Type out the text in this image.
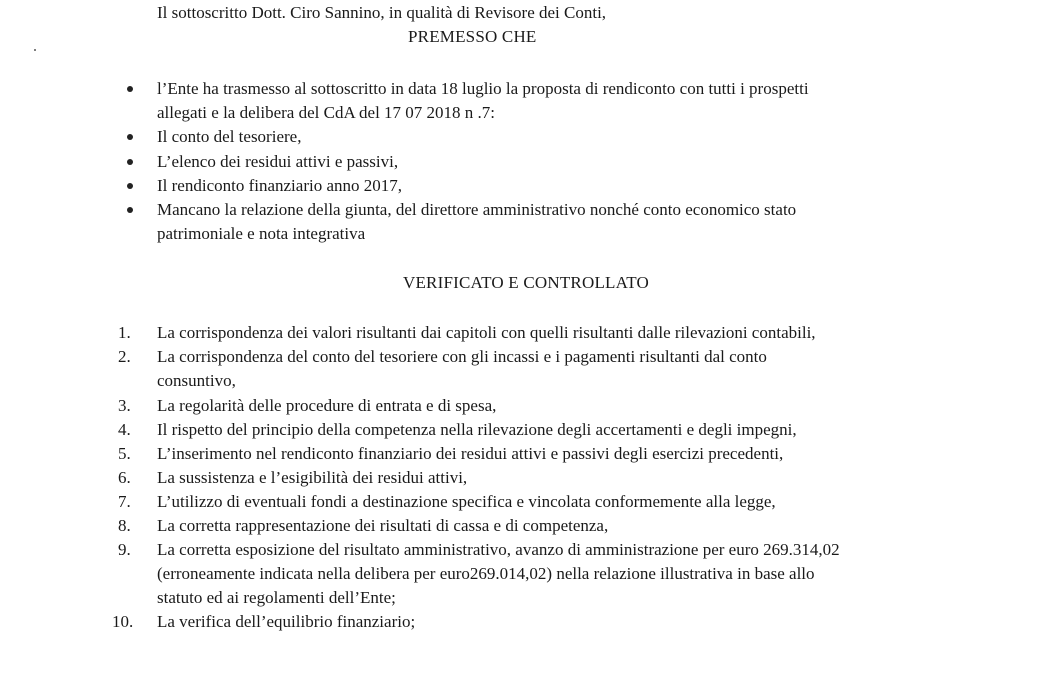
Il sottoscritto Dott. Ciro Sannino, in qualità di Revisore dei Conti,
PREMESSO CHE
l’Ente ha trasmesso al sottoscritto in data 18 luglio la proposta di rendiconto con tutti i prospetti
allegati e la delibera del CdA del 17 07 2018 n .7:
Il conto del tesoriere,
L’elenco dei residui attivi e passivi,
Il rendiconto finanziario anno 2017,
Mancano la relazione della giunta, del direttore amministrativo nonché conto economico stato
patrimoniale e nota integrativa
VERIFICATO E CONTROLLATO
1.	La corrispondenza dei valori risultanti dai capitoli con quelli risultanti dalle rilevazioni contabili,
2.	La corrispondenza del conto del tesoriere con gli incassi e i pagamenti risultanti dal conto
consuntivo,
3.	La regolarità delle procedure di entrata e di spesa,
4.	Il rispetto del principio della competenza nella rilevazione degli accertamenti e degli impegni,
5.	L’inserimento nel rendiconto finanziario dei residui attivi e passivi degli esercizi precedenti,
6.	La sussistenza e l’esigibilità dei residui attivi,
7.	L’utilizzo di eventuali fondi a destinazione specifica e vincolata conformemente alla legge,
8.	La corretta rappresentazione dei risultati di cassa e di competenza,
9.	La corretta esposizione del risultato amministrativo, avanzo di amministrazione per euro 269.314,02
(erroneamente indicata nella delibera per euro269.014,02) nella relazione illustrativa in base allo
statuto ed ai regolamenti dell’Ente;
10.	La verifica dell’equilibrio finanziario;
